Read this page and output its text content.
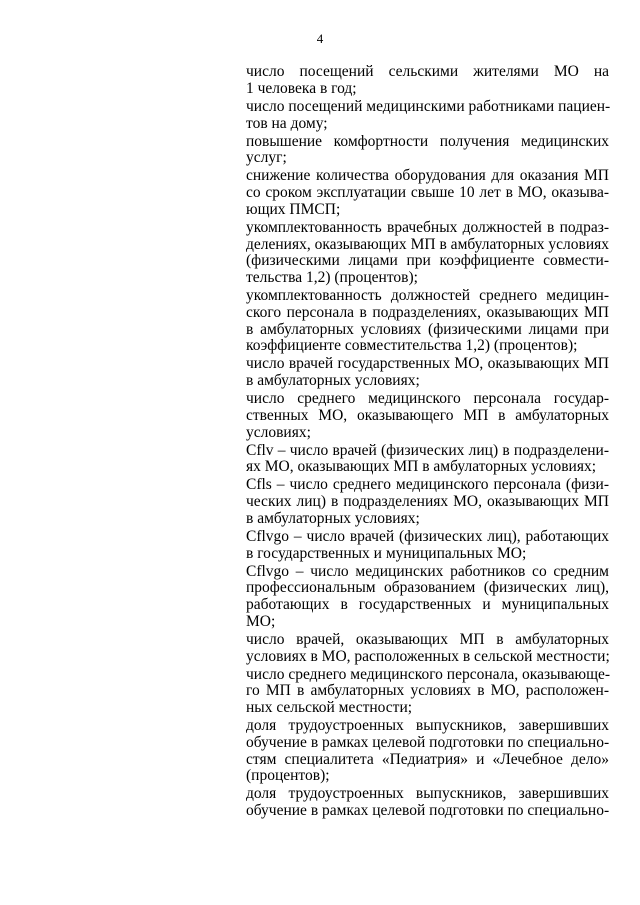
4
число посещений сельскими жителями МО на
1 человека в год;
число посещений медицинскими работниками пациен-
тов на дому;
повышение комфортности получения медицинских
услуг;
снижение количества оборудования для оказания МП
со сроком эксплуатации свыше 10 лет в МО, оказыва-
ющих ПМСП;
укомплектованность врачебных должностей в подраз-
делениях, оказывающих МП в амбулаторных условиях
(физическими лицами при коэффициенте совмести-
тельства 1,2) (процентов);
укомплектованность должностей среднего медицин-
ского персонала в подразделениях, оказывающих МП
в амбулаторных условиях (физическими лицами при
коэффициенте совместительства 1,2) (процентов);
число врачей государственных МО, оказывающих МП
в амбулаторных условиях;
число среднего медицинского персонала государ-
ственных МО, оказывающего МП в амбулаторных
условиях;
Cflv – число врачей (физических лиц) в подразделени-
ях МО, оказывающих МП в амбулаторных условиях;
Cfls – число среднего медицинского персонала (физи-
ческих лиц) в подразделениях МО, оказывающих МП
в амбулаторных условиях;
Cflvgo – число врачей (физических лиц), работающих
в государственных и муниципальных МО;
Cflvgo – число медицинских работников со средним
профессиональным образованием (физических лиц),
работающих в государственных и муниципальных
МО;
число врачей, оказывающих МП в амбулаторных
условиях в МО, расположенных в сельской местности;
число среднего медицинского персонала, оказывающе-
го МП в амбулаторных условиях в МО, расположен-
ных сельской местности;
доля трудоустроенных выпускников, завершивших
обучение в рамках целевой подготовки по специально-
стям специалитета «Педиатрия» и «Лечебное дело»
(процентов);
доля трудоустроенных выпускников, завершивших
обучение в рамках целевой подготовки по специально-
